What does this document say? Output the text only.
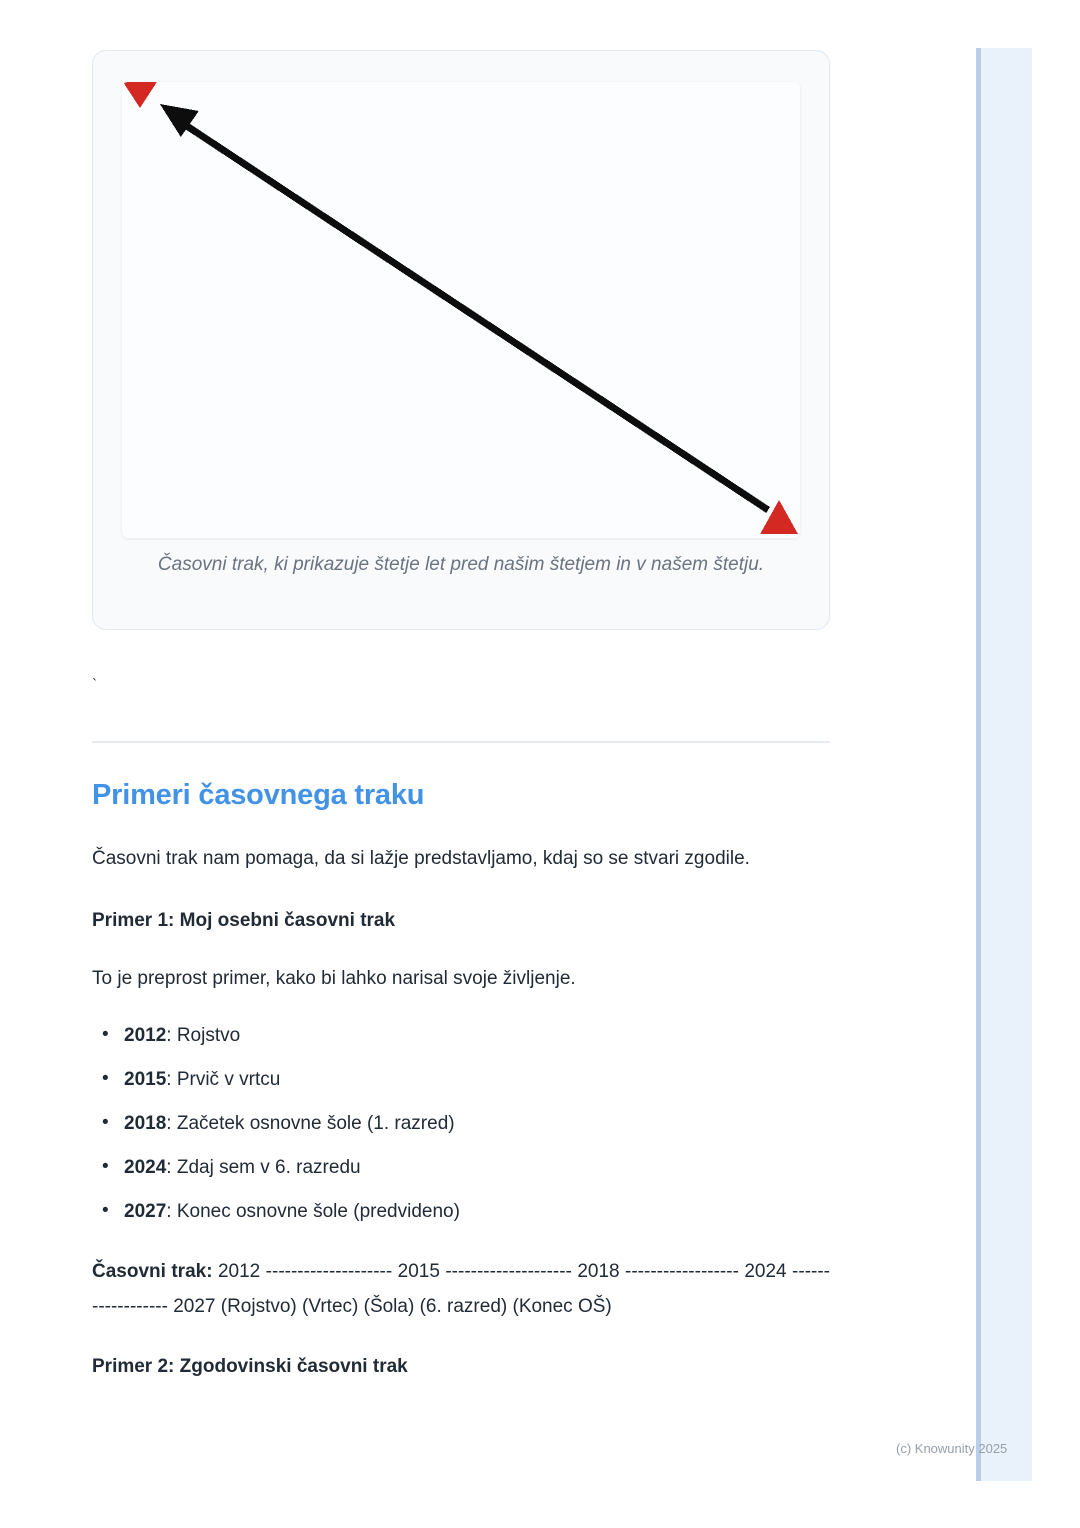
Časovni trak, ki prikazuje štetje let pred našim štetjem in v našem štetju.

`

Primeri časovnega traku

Časovni trak nam pomaga, da si lažje predstavljamo, kdaj so se stvari zgodile.

Primer 1: Moj osebni časovni trak

To je preprost primer, kako bi lahko narisal svoje življenje.

• 2012: Rojstvo
• 2015: Prvič v vrtcu
• 2018: Začetek osnovne šole (1. razred)
• 2024: Zdaj sem v 6. razredu
• 2027: Konec osnovne šole (predvideno)

Časovni trak: 2012 -------------------- 2015 -------------------- 2018 ------------------ 2024 ------------------ 2027 (Rojstvo) (Vrtec) (Šola) (6. razred) (Konec OŠ)

Primer 2: Zgodovinski časovni trak

(c) Knowunity 2025
